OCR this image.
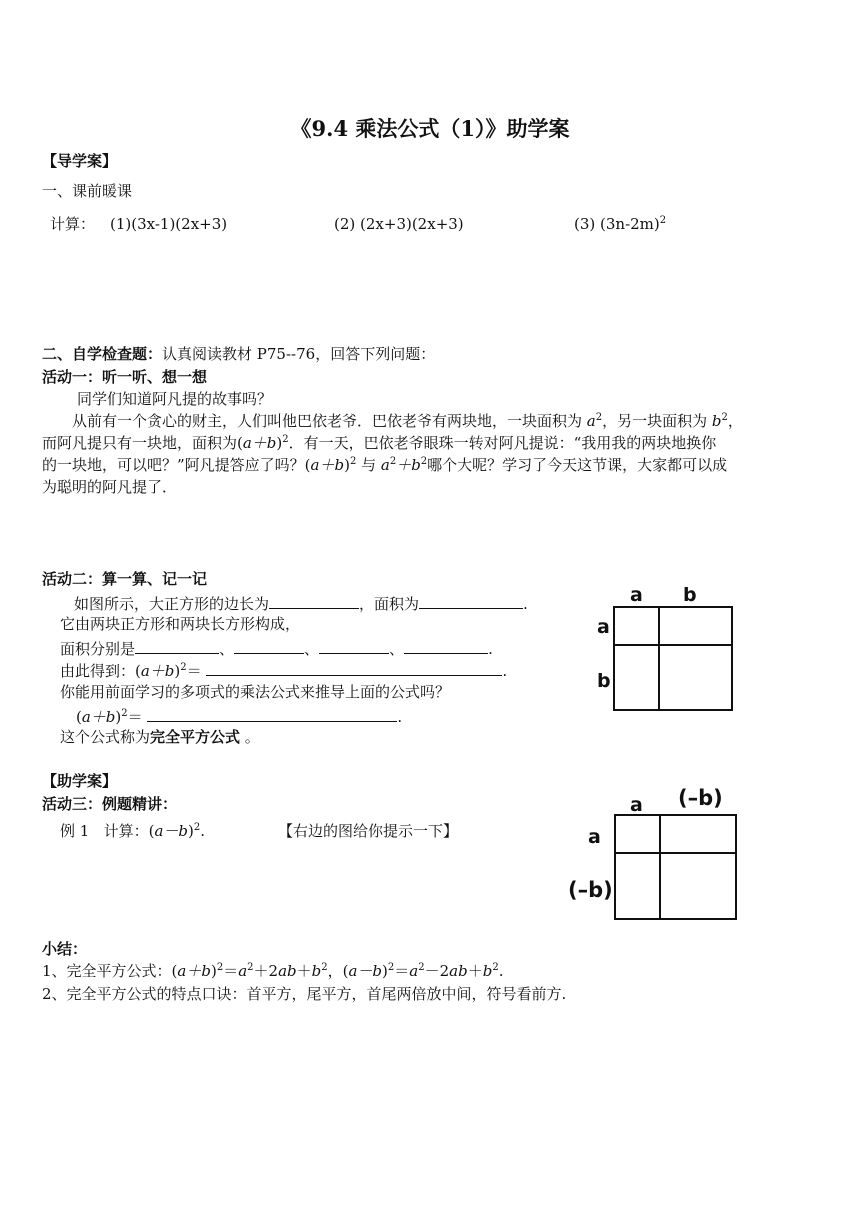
《9.4 乘法公式（1）》助学案
【导学案】
一、课前暖课
计算： (1)(3x-1)(2x+3)	(2) (2x+3)(2x+3)	(3) $(3n-2m)^2$
二、自学检查题：认真阅读教材 P75--76，回答下列问题：
活动一：听一听、想一想
同学们知道阿凡提的故事吗？
从前有一个贪心的财主，人们叫他巴依老爷．巴依老爷有两块地，一块面积为 $a^2$，另一块面积为 $b^2$，
而阿凡提只有一块地，面积为$(a+b)^2$．有一天，巴依老爷眼珠一转对阿凡提说：“我用我的两块地换你
的一块地，可以吧？”阿凡提答应了吗？$(a+b)^2$ 与 $a^2+b^2$哪个大呢？学习了今天这节课，大家都可以成
为聪明的阿凡提了．
活动二：算一算、记一记
如图所示，大正方形的边长为	，面积为	.
它由两块正方形和两块长方形构成，
面积分别是	、	、	、	.
由此得到：$(a+b)^2=$	.
你能用前面学习的多项式的乘法公式来推导上面的公式吗？
$(a+b)^2=$	.
这个公式称为完全平方公式 。
a b
a
b
【助学案】
活动三：例题精讲：
例 1 计算：$(a-b)^2$.	【右边的图给你提示一下】
a (–b)
a
(–b)
小结：
1、完全平方公式：$(a+b)^2=a^2+2ab+b^2$，$(a-b)^2=a^2-2ab+b^2$.
2、完全平方公式的特点口诀：首平方，尾平方，首尾两倍放中间，符号看前方.
